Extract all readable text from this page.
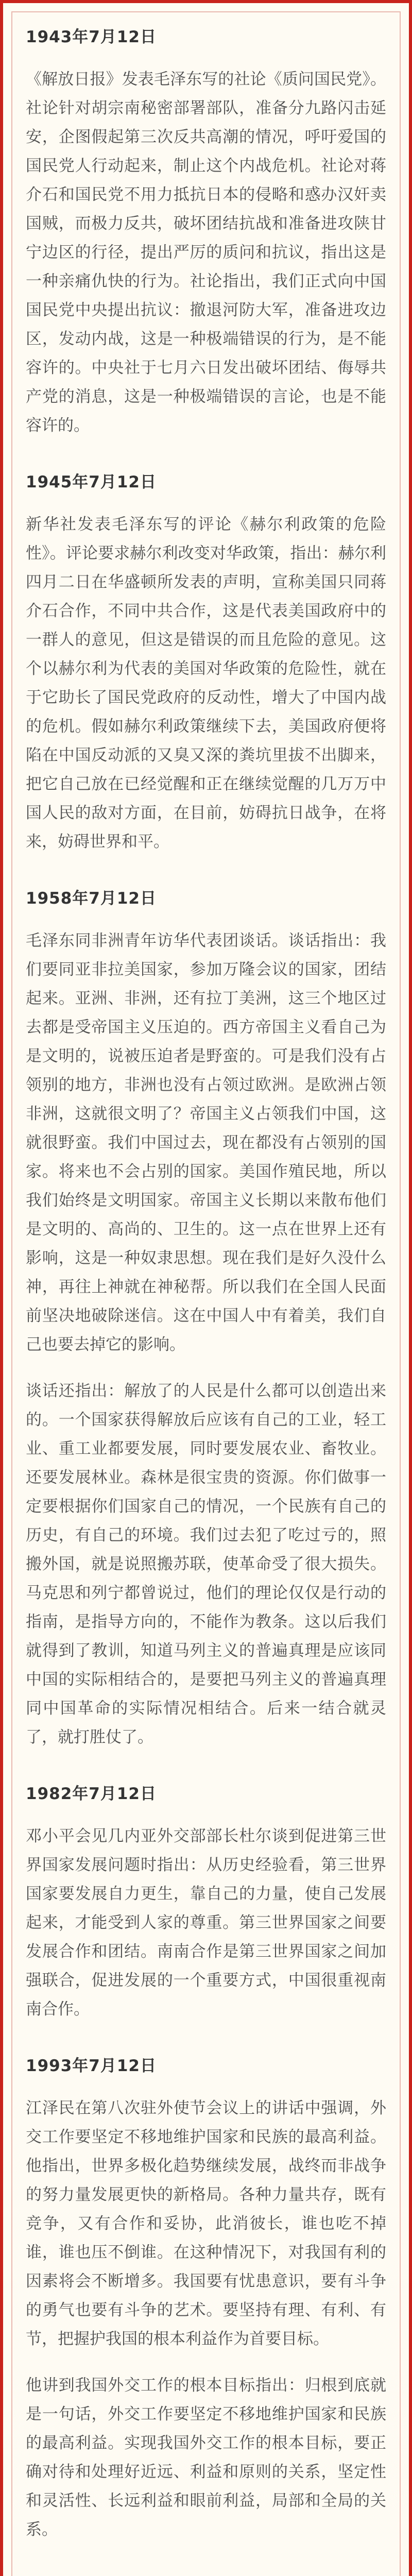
1943年7月12日

《解放日报》发表毛泽东写的社论《质问国民党》。社论针对胡宗南秘密部署部队，准备分九路闪击延安，企图假起第三次反共高潮的情况，呼吁爱国的国民党人行动起来，制止这个内战危机。社论对蒋介石和国民党不用力抵抗日本的侵略和惑办汉奸卖国贼，而极力反共，破坏团结抗战和准备进攻陕甘宁边区的行径，提出严厉的质问和抗议，指出这是一种亲痛仇快的行为。社论指出，我们正式向中国国民党中央提出抗议：撤退河防大军，准备进攻边区，发动内战，这是一种极端错误的行为，是不能容许的。中央社于七月六日发出破坏团结、侮辱共产党的消息，这是一种极端错误的言论，也是不能容许的。

1945年7月12日

新华社发表毛泽东写的评论《赫尔利政策的危险性》。评论要求赫尔利改变对华政策，指出：赫尔利四月二日在华盛顿所发表的声明，宣称美国只同蒋介石合作，不同中共合作，这是代表美国政府中的一群人的意见，但这是错误的而且危险的意见。这个以赫尔利为代表的美国对华政策的危险性，就在于它助长了国民党政府的反动性，增大了中国内战的危机。假如赫尔利政策继续下去，美国政府便将陷在中国反动派的又臭又深的粪坑里拔不出脚来，把它自己放在已经觉醒和正在继续觉醒的几万万中国人民的敌对方面，在目前，妨碍抗日战争，在将来，妨碍世界和平。

1958年7月12日

毛泽东同非洲青年访华代表团谈话。谈话指出：我们要同亚非拉美国家，参加万隆会议的国家，团结起来。亚洲、非洲，还有拉丁美洲，这三个地区过去都是受帝国主义压迫的。西方帝国主义看自己为是文明的，说被压迫者是野蛮的。可是我们没有占领别的地方，非洲也没有占领过欧洲。是欧洲占领非洲，这就很文明了？帝国主义占领我们中国，这就很野蛮。我们中国过去，现在都没有占领别的国家。将来也不会占别的国家。美国作殖民地，所以我们始终是文明国家。帝国主义长期以来散布他们是文明的、高尚的、卫生的。这一点在世界上还有影响，这是一种奴隶思想。现在我们是好久没什么神，再往上神就在神秘帮。所以我们在全国人民面前坚决地破除迷信。这在中国人中有着美，我们自己也要去掉它的影响。

谈话还指出：解放了的人民是什么都可以创造出来的。一个国家获得解放后应该有自己的工业，轻工业、重工业都要发展，同时要发展农业、畜牧业。还要发展林业。森林是很宝贵的资源。你们做事一定要根据你们国家自己的情况，一个民族有自己的历史，有自己的环境。我们过去犯了吃过亏的，照搬外国，就是说照搬苏联，使革命受了很大损失。马克思和列宁都曾说过，他们的理论仅仅是行动的指南，是指导方向的，不能作为教条。这以后我们就得到了教训，知道马列主义的普遍真理是应该同中国的实际相结合的，是要把马列主义的普遍真理同中国革命的实际情况相结合。后来一结合就灵了，就打胜仗了。

1982年7月12日

邓小平会见几内亚外交部部长杜尔谈到促进第三世界国家发展问题时指出：从历史经验看，第三世界国家要发展自力更生，靠自己的力量，使自己发展起来，才能受到人家的尊重。第三世界国家之间要发展合作和团结。南南合作是第三世界国家之间加强联合，促进发展的一个重要方式，中国很重视南南合作。

1993年7月12日

江泽民在第八次驻外使节会议上的讲话中强调，外交工作要坚定不移地维护国家和民族的最高利益。他指出，世界多极化趋势继续发展，战终而非战争的努力量发展更快的新格局。各种力量共存，既有竞争，又有合作和妥协，此消彼长，谁也吃不掉谁，谁也压不倒谁。在这种情况下，对我国有利的因素将会不断增多。我国要有忧患意识，要有斗争的勇气也要有斗争的艺术。要坚持有理、有利、有节，把握护我国的根本利益作为首要目标。

他讲到我国外交工作的根本目标指出：归根到底就是一句话，外交工作要坚定不移地维护国家和民族的最高利益。实现我国外交工作的根本目标，要正确对待和处理好近远、利益和原则的关系，坚定性和灵活性、长远利益和眼前利益，局部和全局的关系。
